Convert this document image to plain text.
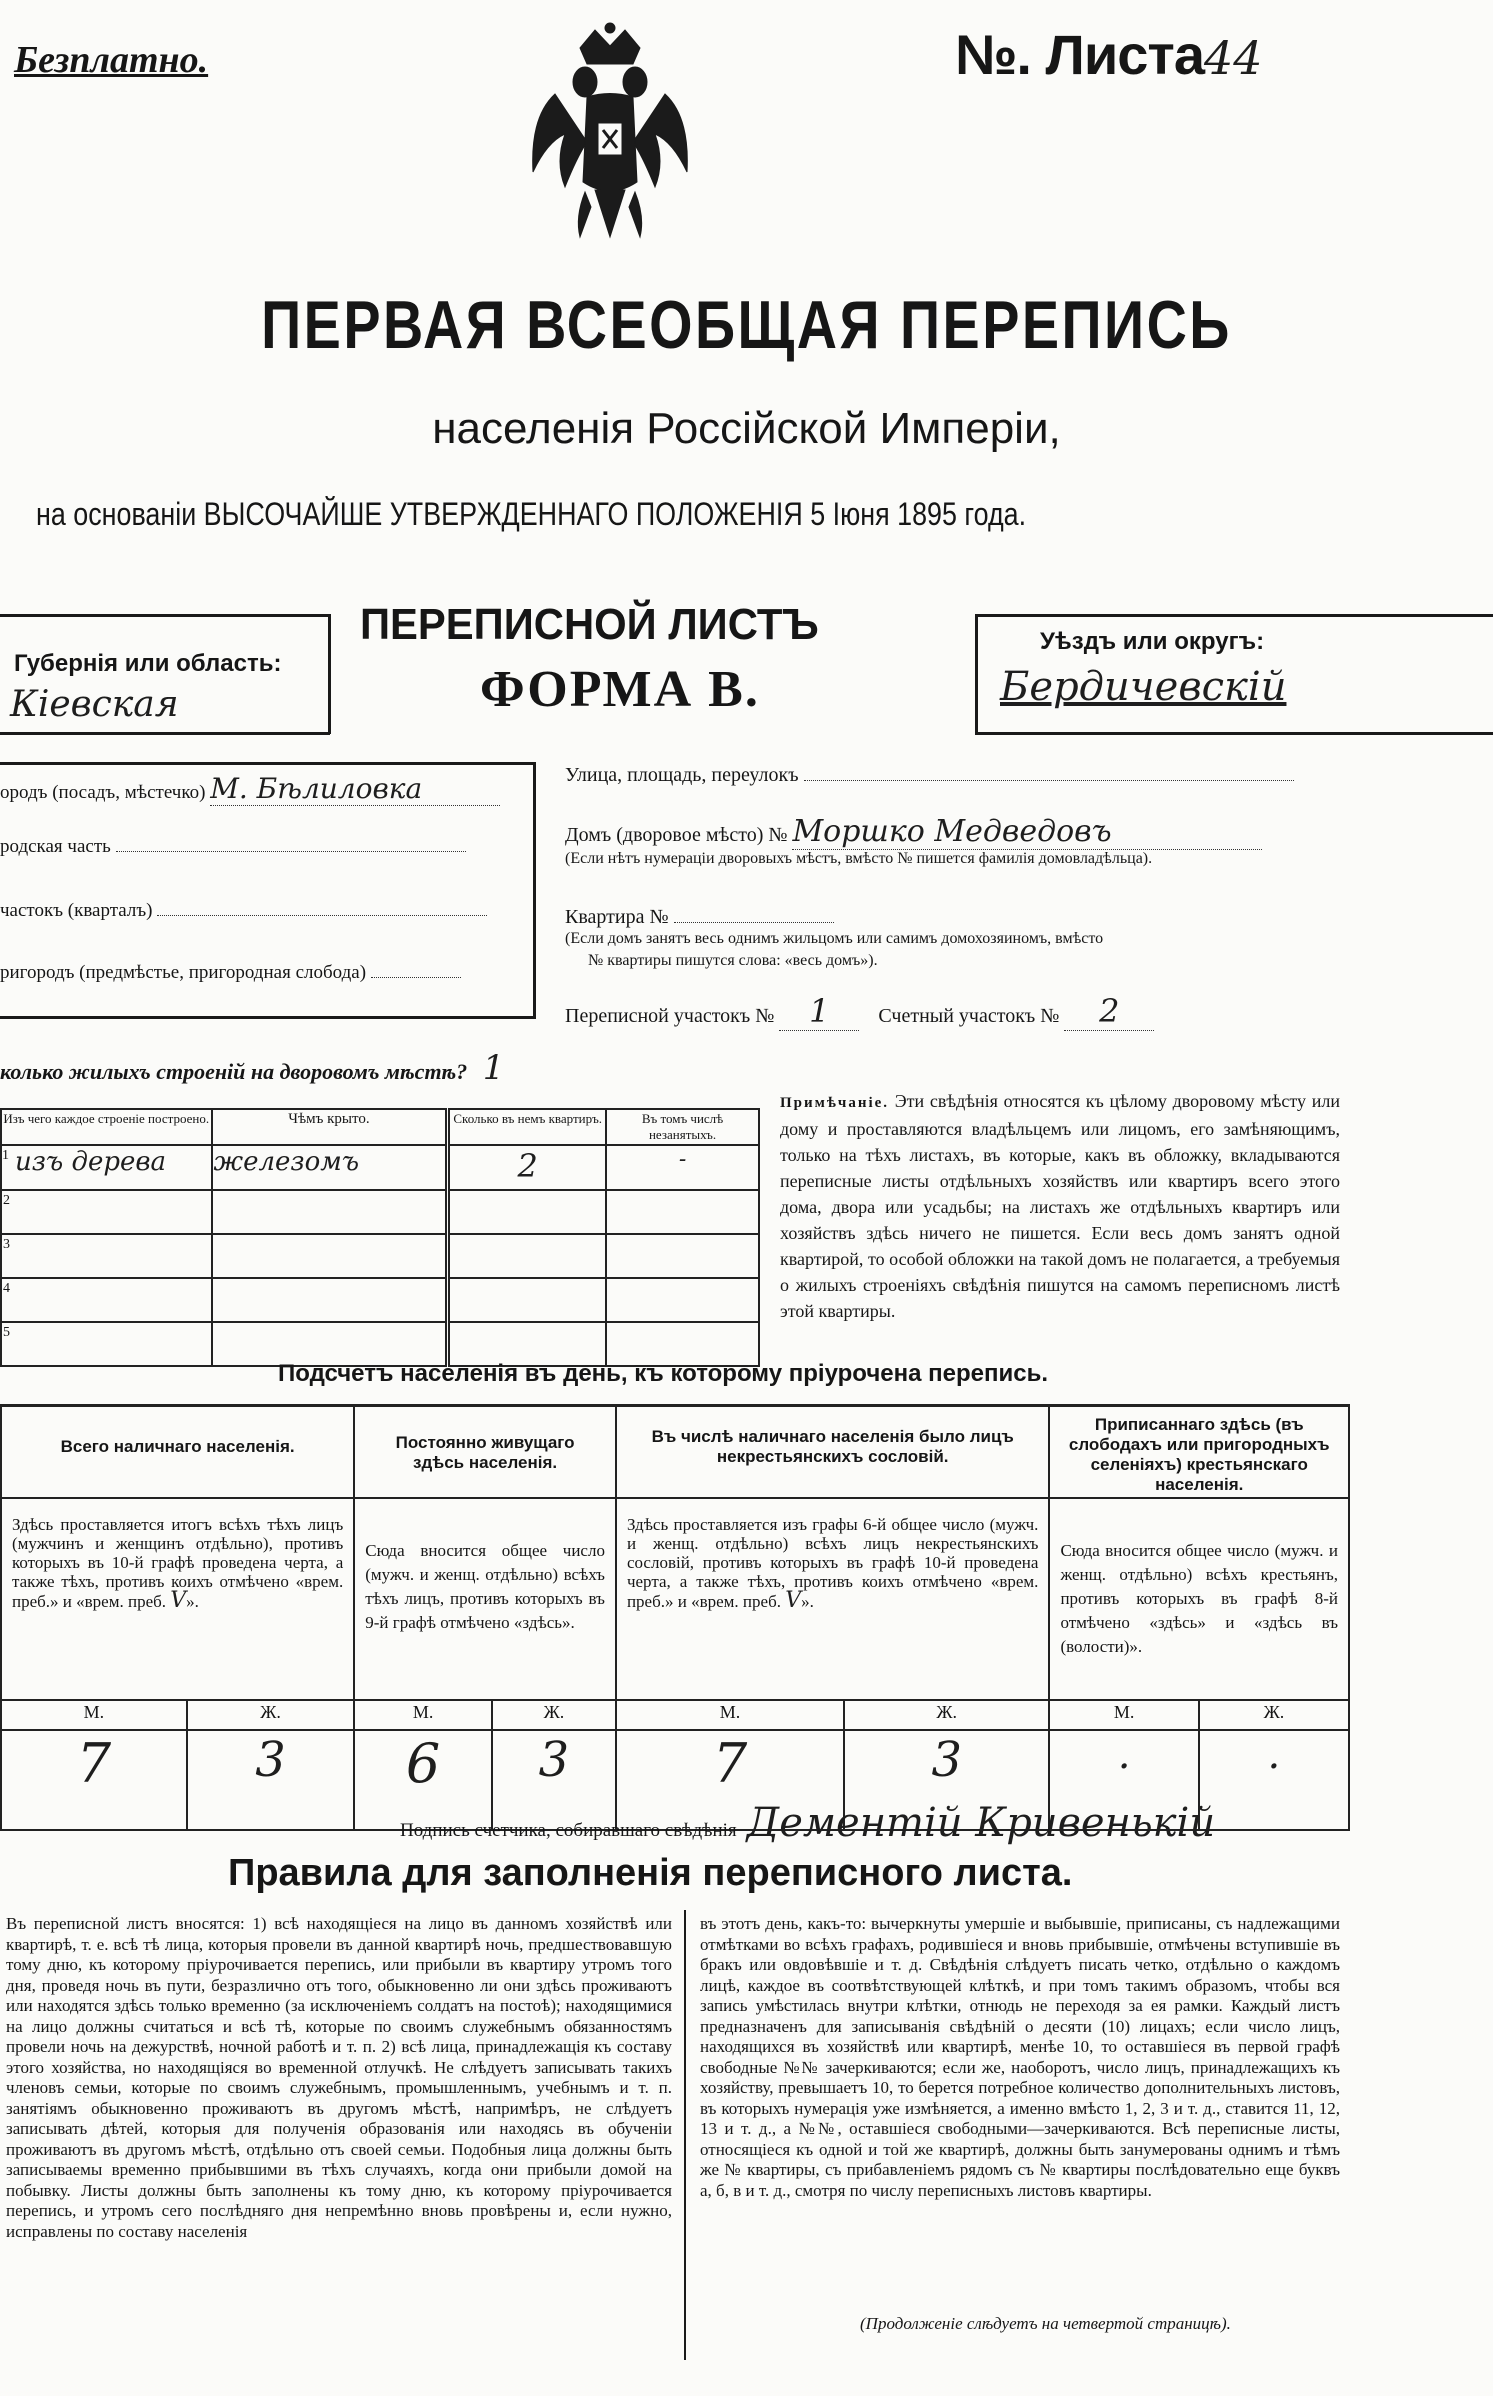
Безплатно.	№. Листа44
ПЕРВАЯ ВСЕОБЩАЯ ПЕРЕПИСЬ
населенія Россійской Имперіи,
на основаніи ВЫСОЧАЙШЕ УТВЕРЖДЕННАГО ПОЛОЖЕНІЯ 5 Іюня 1895 года.
Губернія или область:
Кіевская
ПЕРЕПИСНОЙ ЛИСТЪ
ФОРМА В.
Уѣздъ или округъ:
Бердичевскій
ородъ (посадъ, мѣстечко) М. Бѣлиловка
родская часть
частокъ (кварталъ)
ригородъ (предмѣстье, пригородная слобода)
Улица, площадь, переулокъ
Домъ (дворовое мѣсто) № Моршко Медведовъ
(Если нѣтъ нумераціи дворовыхъ мѣстъ, вмѣсто № пишется фамилія домовладѣльца).
Квартира №
(Если домъ занятъ весь однимъ жильцомъ или самимъ домохозяиномъ, вмѣсто
№ квартиры пишутся слова: «весь домъ»).
Переписной участокъ № 1 Счетный участокъ № 2
колько жилыхъ строеній на дворовомъ мѣстѣ? 1
Изъ чего каждое строеніе построено.	Чѣмъ крыто.	Сколько въ немъ квартиръ.	Въ томъ числѣ незанятыхъ.

1 изъ дерева	железомъ	2	-
2			
3			
4			
5			
Примѣчаніе. Эти свѣдѣнія относятся къ цѣлому дворовому мѣсту или дому и проставляются владѣльцемъ или лицомъ, его замѣняющимъ, только на тѣхъ листахъ, въ которые, какъ въ обложку, вкладываются переписные листы отдѣльныхъ хозяйствъ или квартиръ всего этого дома, двора или усадьбы; на листахъ же отдѣльныхъ квартиръ или хозяйствъ здѣсь ничего не пишется. Если весь домъ занятъ одной квартирой, то особой обложки на такой домъ не полагается, а требуемыя о жилыхъ строеніяхъ свѣдѣнія пишутся на самомъ переписномъ листѣ этой квартиры.
Подсчетъ населенія въ день, къ которому пріурочена перепись.
Всего наличнаго населенія.		Постоянно живущаго здѣсь населенія.		Въ числѣ наличнаго населенія было лицъ некрестьянскихъ сословій.		Приписаннаго здѣсь (въ слободахъ или пригородныхъ селеніяхъ) крестьянскаго населенія.	
Здѣсь проставляется итогъ всѣхъ тѣхъ лицъ (мужчинъ и женщинъ отдѣльно), противъ которыхъ въ 10-й графѣ проведена черта, а также тѣхъ, противъ коихъ отмѣчено «врем. преб.» и «врем. преб. V».		Сюда вносится общее число (мужч. и женщ. отдѣльно) всѣхъ тѣхъ лицъ, противъ которыхъ въ 9-й графѣ отмѣчено «здѣсь».		Здѣсь проставляется изъ графы 6-й общее число (мужч. и женщ. отдѣльно) всѣхъ лицъ некрестьянскихъ сословій, противъ которыхъ въ графѣ 10-й проведена черта, а также тѣхъ, противъ коихъ отмѣчено «врем. преб.» и «врем. преб. V».		Сюда вносится общее число (мужч. и женщ. отдѣльно) всѣхъ крестьянъ, противъ которыхъ въ графѣ 8-й отмѣчено «здѣсь» и «здѣсь въ (волости)».	
М.	Ж.	М.	Ж.	М.	Ж.	М.	Ж.
7	3	6	3	7	3	.	.
Подпись счетчика, собиравшаго свѣдѣнія Дементій Кривенькій
Правила для заполненія переписного листа.
Въ переписной листъ вносятся: 1) всѣ находящіеся на лицо въ данномъ хозяйствѣ или квартирѣ, т. е. всѣ тѣ лица, которыя провели въ данной квартирѣ ночь, предшествовавшую тому дню, къ которому пріурочивается перепись, или прибыли въ квартиру утромъ того дня, проведя ночь въ пути, безразлично отъ того, обыкновенно ли они здѣсь проживаютъ или находятся здѣсь только временно (за исключеніемъ солдатъ на постоѣ); находящимися на лицо должны считаться и всѣ тѣ, которые по своимъ служебнымъ обязанностямъ провели ночь на дежурствѣ, ночной работѣ и т. п. 2) всѣ лица, принадлежащія къ составу этого хозяйства, но находящіяся во временной отлучкѣ. Не слѣдуетъ записывать такихъ членовъ семьи, которые по своимъ служебнымъ, промышленнымъ, учебнымъ и т. п. занятіямъ обыкновенно проживаютъ въ другомъ мѣстѣ, напримѣръ, не слѣдуетъ записывать дѣтей, которыя для полученія образованія или находясь въ обученіи проживаютъ въ другомъ мѣстѣ, отдѣльно отъ своей семьи. Подобныя лица должны быть записываемы временно прибывшими въ тѣхъ случаяхъ, когда они прибыли домой на побывку. Листы должны быть заполнены къ тому дню, къ которому пріурочивается перепись, и утромъ сего послѣдняго дня непремѣнно вновь провѣрены и, если нужно, исправлены по составу населенія
въ этотъ день, какъ-то: вычеркнуты умершіе и выбывшіе, приписаны, съ надлежащими отмѣтками во всѣхъ графахъ, родившіеся и вновь прибывшіе, отмѣчены вступившіе въ бракъ или овдовѣвшіе и т. д. Свѣдѣнія слѣдуетъ писать четко, отдѣльно о каждомъ лицѣ, каждое въ соотвѣтствующей клѣткѣ, и при томъ такимъ образомъ, чтобы вся запись умѣстилась внутри клѣтки, отнюдь не переходя за ея рамки. Каждый листъ предназначенъ для записыванія свѣдѣній о десяти (10) лицахъ; если число лицъ, находящихся въ хозяйствѣ или квартирѣ, менѣе 10, то оставшіеся въ первой графѣ свободные №№ зачеркиваются; если же, наоборотъ, число лицъ, принадлежащихъ къ хозяйству, превышаетъ 10, то берется потребное количество дополнительныхъ листовъ, въ которыхъ нумерація уже измѣняется, а именно вмѣсто 1, 2, 3 и т. д., ставится 11, 12, 13 и т. д., а №№, оставшіеся свободными—зачеркиваются. Всѣ переписные листы, относящіеся къ одной и той же квартирѣ, должны быть занумерованы однимъ и тѣмъ же № квартиры, съ прибавленіемъ рядомъ съ № квартиры послѣдовательно еще буквъ а, б, в и т. д., смотря по числу переписныхъ листовъ квартиры.
(Продолженіе слѣдуетъ на четвертой страницѣ).
